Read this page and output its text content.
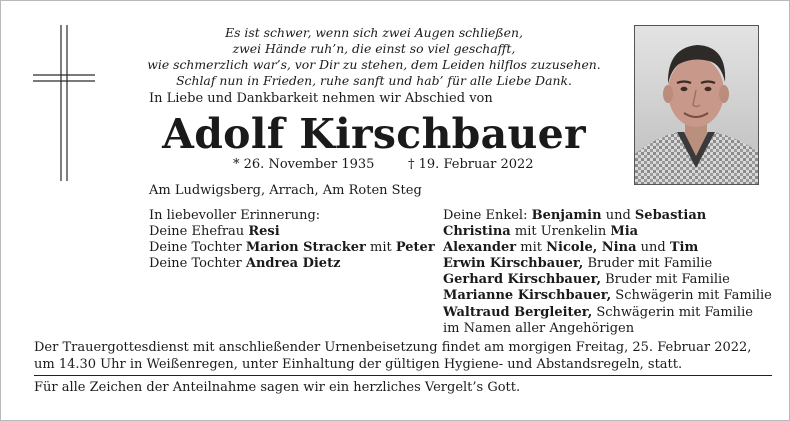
Es ist schwer, wenn sich zwei Augen schließen,
zwei Hände ruh’n, die einst so viel geschafft,
wie schmerzlich war’s, vor Dir zu stehen, dem Leiden hilflos zuzusehen.
Schlaf nun in Frieden, ruhe sanft und hab’ für alle Liebe Dank.
In Liebe und Dankbarkeit nehmen wir Abschied von
Adolf Kirschbauer
* 26. November 1935	† 19. Februar 2022
Am Ludwigsberg, Arrach, Am Roten Steg
In liebevoller Erinnerung:
Deine Ehefrau Resi
Deine Tochter Marion Stracker mit Peter
Deine Tochter Andrea Dietz
Deine Enkel: Benjamin und Sebastian
Christina mit Urenkelin Mia
Alexander mit Nicole, Nina und Tim
Erwin Kirschbauer, Bruder mit Familie
Gerhard Kirschbauer, Bruder mit Familie
Marianne Kirschbauer, Schwägerin mit Familie
Waltraud Bergleiter, Schwägerin mit Familie
im Namen aller Angehörigen
Der Trauergottesdienst mit anschließender Urnenbeisetzung findet am morgigen Freitag, 25. Februar 2022,
um 14.30 Uhr in Weißenregen, unter Einhaltung der gültigen Hygiene- und Abstandsregeln, statt.
Für alle Zeichen der Anteilnahme sagen wir ein herzliches Vergelt’s Gott.
